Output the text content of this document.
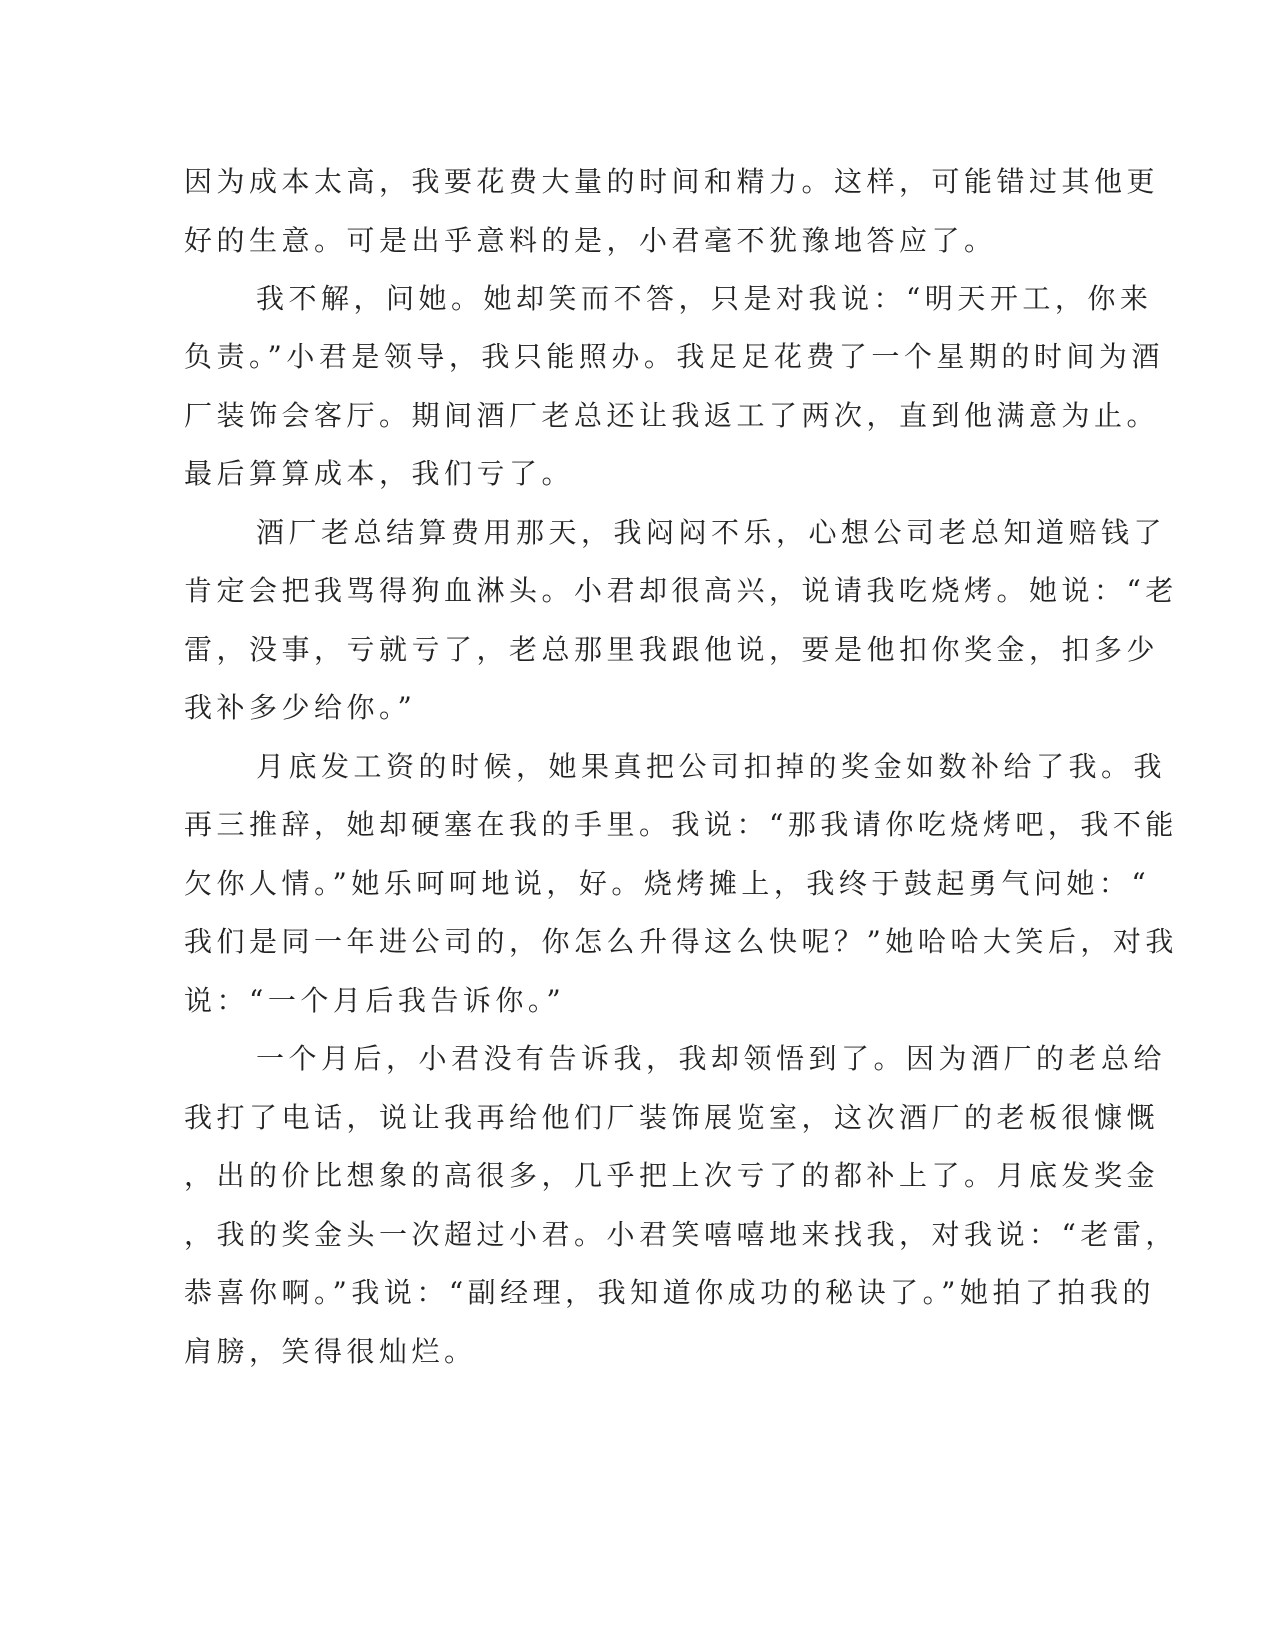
因为成本太高，我要花费大量的时间和精力。这样，可能错过其他更
好的生意。可是出乎意料的是，小君毫不犹豫地答应了。
我不解，问她。她却笑而不答，只是对我说：“明天开工，你来
负责。”小君是领导，我只能照办。我足足花费了一个星期的时间为酒
厂装饰会客厅。期间酒厂老总还让我返工了两次，直到他满意为止。
最后算算成本，我们亏了。
酒厂老总结算费用那天，我闷闷不乐，心想公司老总知道赔钱了
肯定会把我骂得狗血淋头。小君却很高兴，说请我吃烧烤。她说：“老
雷，没事，亏就亏了，老总那里我跟他说，要是他扣你奖金，扣多少
我补多少给你。”
月底发工资的时候，她果真把公司扣掉的奖金如数补给了我。我
再三推辞，她却硬塞在我的手里。我说：“那我请你吃烧烤吧，我不能
欠你人情。”她乐呵呵地说，好。烧烤摊上，我终于鼓起勇气问她：“
我们是同一年进公司的，你怎么升得这么快呢？”她哈哈大笑后，对我
说：“一个月后我告诉你。”
一个月后，小君没有告诉我，我却领悟到了。因为酒厂的老总给
我打了电话，说让我再给他们厂装饰展览室，这次酒厂的老板很慷慨
，出的价比想象的高很多，几乎把上次亏了的都补上了。月底发奖金
，我的奖金头一次超过小君。小君笑嘻嘻地来找我，对我说：“老雷，
恭喜你啊。”我说：“副经理，我知道你成功的秘诀了。”她拍了拍我的
肩膀，笑得很灿烂。
